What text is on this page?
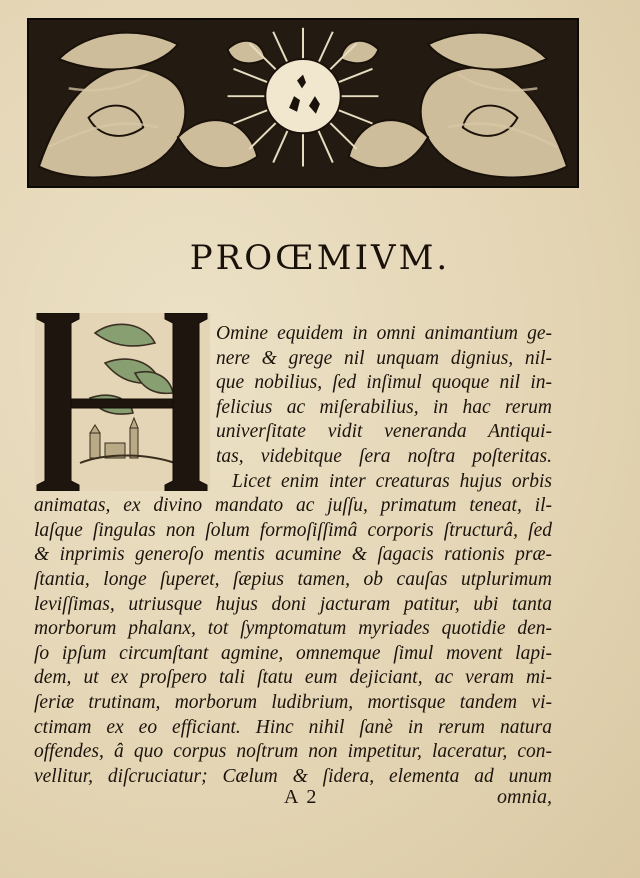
PROŒMIVM.
Omine equidem in omni animantium ge-
nere & grege nil unquam dignius, nil-
que nobilius, ſed inſimul quoque nil in-
felicius ac miſerabilius, in hac rerum
univerſitate vidit veneranda Antiqui-
tas, videbitque ſera noſtra poſteritas.
Licet enim inter creaturas hujus orbis
animatas, ex divino mandato ac juſſu, primatum teneat, il-
laſque ſingulas non ſolum formoſiſſimâ corporis ſtructurâ, ſed
& inprimis generoſo mentis acumine & ſagacis rationis præ-
ſtantia, longe ſuperet, ſæpius tamen, ob cauſas utplurimum
leviſſimas, utriusque hujus doni jacturam patitur, ubi tanta
morborum phalanx, tot ſymptomatum myriades quotidie den-
ſo ipſum circumſtant agmine, omnemque ſimul movent lapi-
dem, ut ex proſpero tali ſtatu eum dejiciant, ac veram mi-
ſeriæ trutinam, morborum ludibrium, mortisque tandem vi-
ctimam ex eo efficiant. Hinc nihil ſanè in rerum natura
offendes, â quo corpus noſtrum non impetitur, laceratur, con-
vellitur, diſcruciatur; Cælum & ſidera, elementa ad unum
A 2	omnia,
